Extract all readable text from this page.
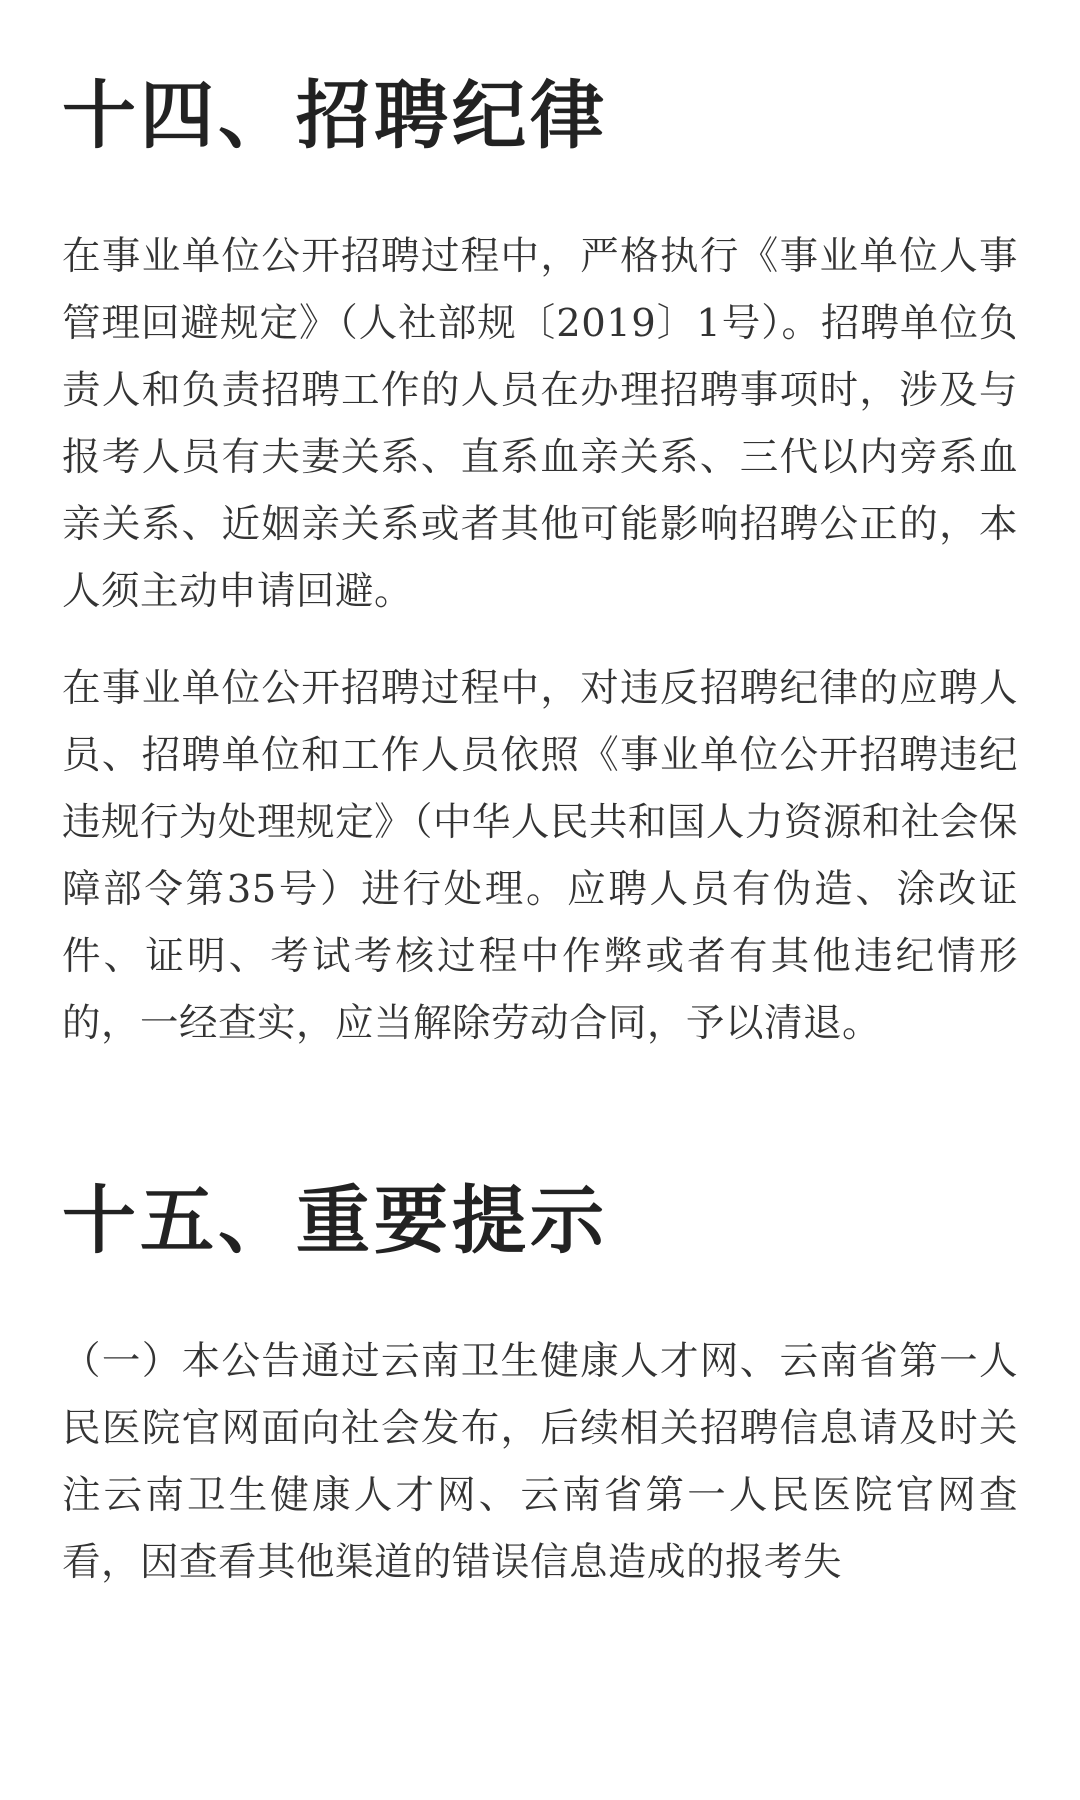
十四、招聘纪律

在事业单位公开招聘过程中，严格执行《事业单位人事管理回避规定》（人社部规〔2019〕1号）。招聘单位负责人和负责招聘工作的人员在办理招聘事项时，涉及与报考人员有夫妻关系、直系血亲关系、三代以内旁系血亲关系、近姻亲关系或者其他可能影响招聘公正的，本人须主动申请回避。

在事业单位公开招聘过程中，对违反招聘纪律的应聘人员、招聘单位和工作人员依照《事业单位公开招聘违纪违规行为处理规定》（中华人民共和国人力资源和社会保障部令第35号）进行处理。应聘人员有伪造、涂改证件、证明、考试考核过程中作弊或者有其他违纪情形的，一经查实，应当解除劳动合同，予以清退。

十五、重要提示

（一）本公告通过云南卫生健康人才网、云南省第一人民医院官网面向社会发布，后续相关招聘信息请及时关注云南卫生健康人才网、云南省第一人民医院官网查看，因查看其他渠道的错误信息造成的报考失
